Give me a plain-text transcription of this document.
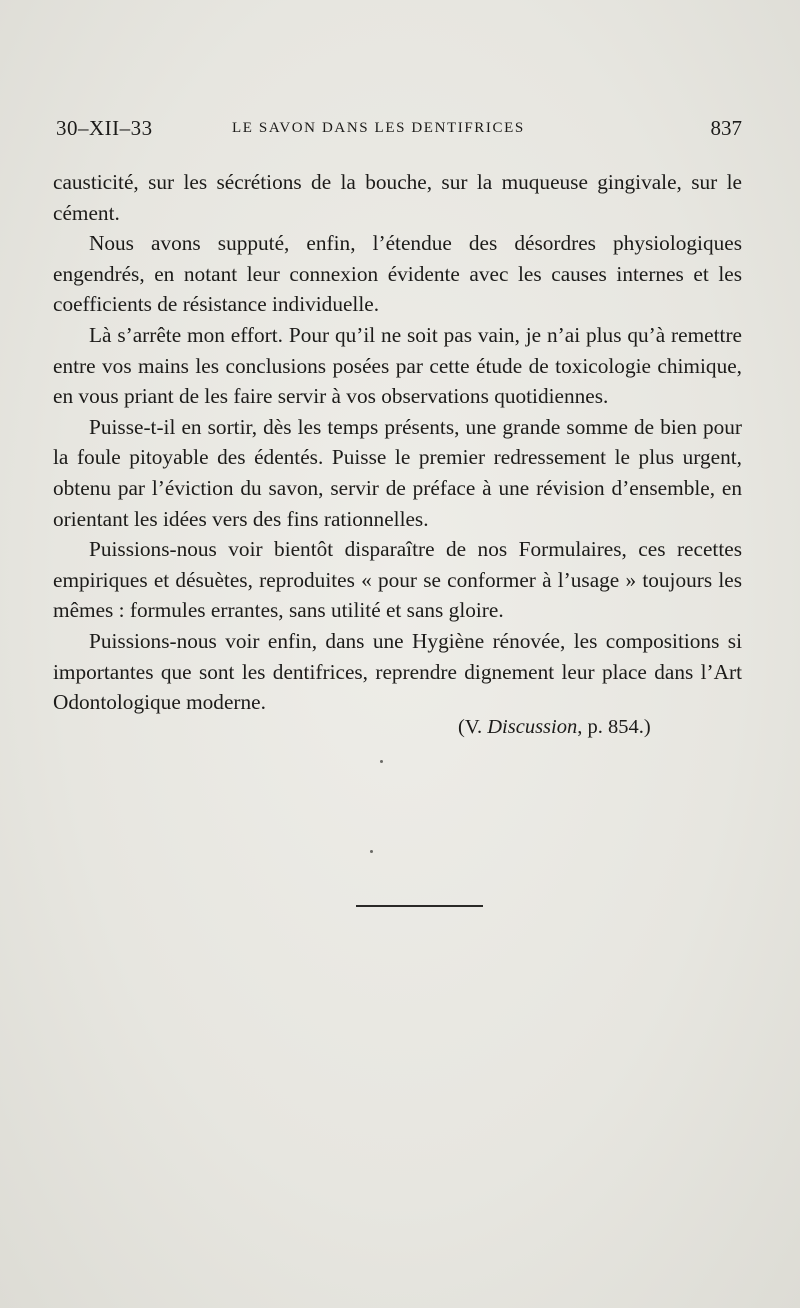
30–XII–33	LE SAVON DANS LES DENTIFRICES	837

causticité, sur les sécrétions de la bouche, sur la muqueuse gingivale, sur le cément.

Nous avons supputé, enfin, l’étendue des désordres physiologiques engendrés, en notant leur connexion évidente avec les causes internes et les coefficients de résistance individuelle.

Là s’arrête mon effort. Pour qu’il ne soit pas vain, je n’ai plus qu’à remettre entre vos mains les conclusions posées par cette étude de toxicologie chimique, en vous priant de les faire servir à vos observations quotidiennes.

Puisse-t-il en sortir, dès les temps présents, une grande somme de bien pour la foule pitoyable des édentés. Puisse le premier redressement le plus urgent, obtenu par l’éviction du savon, servir de préface à une révision d’ensemble, en orientant les idées vers des fins rationnelles.

Puissions-nous voir bientôt disparaître de nos Formulaires, ces recettes empiriques et désuètes, reproduites « pour se conformer à l’usage » toujours les mêmes : formules errantes, sans utilité et sans gloire.

Puissions-nous voir enfin, dans une Hygiène rénovée, les compositions si importantes que sont les dentifrices, reprendre dignement leur place dans l’Art Odontologique moderne.

(V. Discussion, p. 854.)
